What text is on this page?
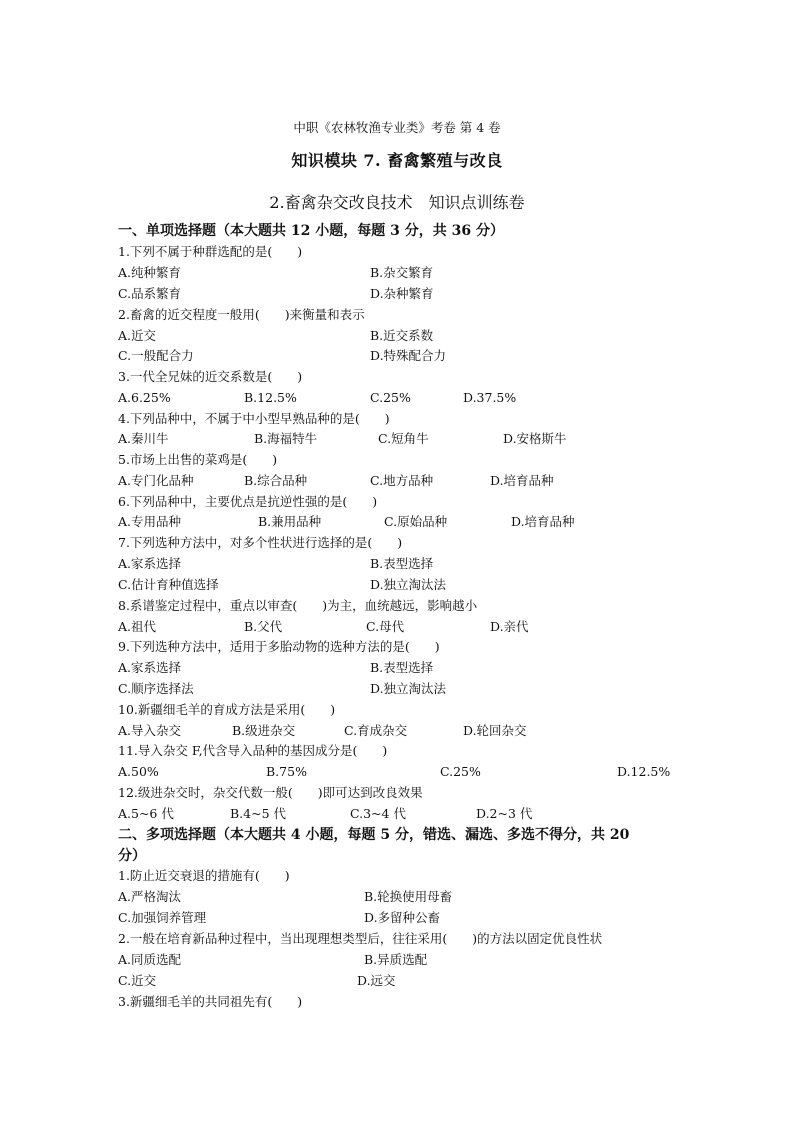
中职《农林牧渔专业类》考卷 第 4 卷
知识模块 7. 畜禽繁殖与改良
2.畜禽杂交改良技术　知识点训练卷
一、单项选择题（本大题共 12 小题，每题 3 分，共 36 分）
1.下列不属于种群选配的是(　　)
A.纯种繁育	B.杂交繁育
C.品系繁育	D.杂种繁育
2.畜禽的近交程度一般用(　　)来衡量和表示
A.近交	B.近交系数
C.一般配合力	D.特殊配合力
3.一代全兄妹的近交系数是(　　)
A.6.25%	B.12.5%	C.25%	D.37.5%
4.下列品种中，不属于中小型早熟品种的是(　　)
A.秦川牛	B.海福特牛	C.短角牛	D.安格斯牛
5.市场上出售的菜鸡是(　　)
A.专门化品种	B.综合品种	C.地方品种	D.培育品种
6.下列品种中，主要优点是抗逆性强的是(　　)
A.专用品种	B.兼用品种	C.原始品种	D.培育品种
7.下列选种方法中，对多个性状进行选择的是(　　)
A.家系选择	B.表型选择
C.估计育种值选择	D.独立淘汰法
8.系谱鉴定过程中，重点以审查(　　)为主，血统越远，影响越小
A.祖代	B.父代	C.母代	D.亲代
9.下列选种方法中，适用于多胎动物的选种方法的是(　　)
A.家系选择	B.表型选择
C.顺序选择法	D.独立淘汰法
10.新疆细毛羊的育成方法是采用(　　)
A.导入杂交	B.级进杂交	C.育成杂交	D.轮回杂交
11.导入杂交 F,代含导入品种的基因成分是(　　)
A.50%	B.75%	C.25%	D.12.5%
12.级进杂交时，杂交代数一般(　　)即可达到改良效果
A.5~6 代	B.4~5 代	C.3~4 代	D.2~3 代
二、多项选择题（本大题共 4 小题，每题 5 分，错选、漏选、多选不得分，共 20
分）
1.防止近交衰退的措施有(　　)
A.严格淘汰	B.轮换使用母畜
C.加强饲养管理	D.多留种公畜
2.一般在培育新品种过程中，当出现理想类型后，往往采用(　　)的方法以固定优良性状
A.同质选配	B.异质选配
C.近交	D.远交
3.新疆细毛羊的共同祖先有(　　)
